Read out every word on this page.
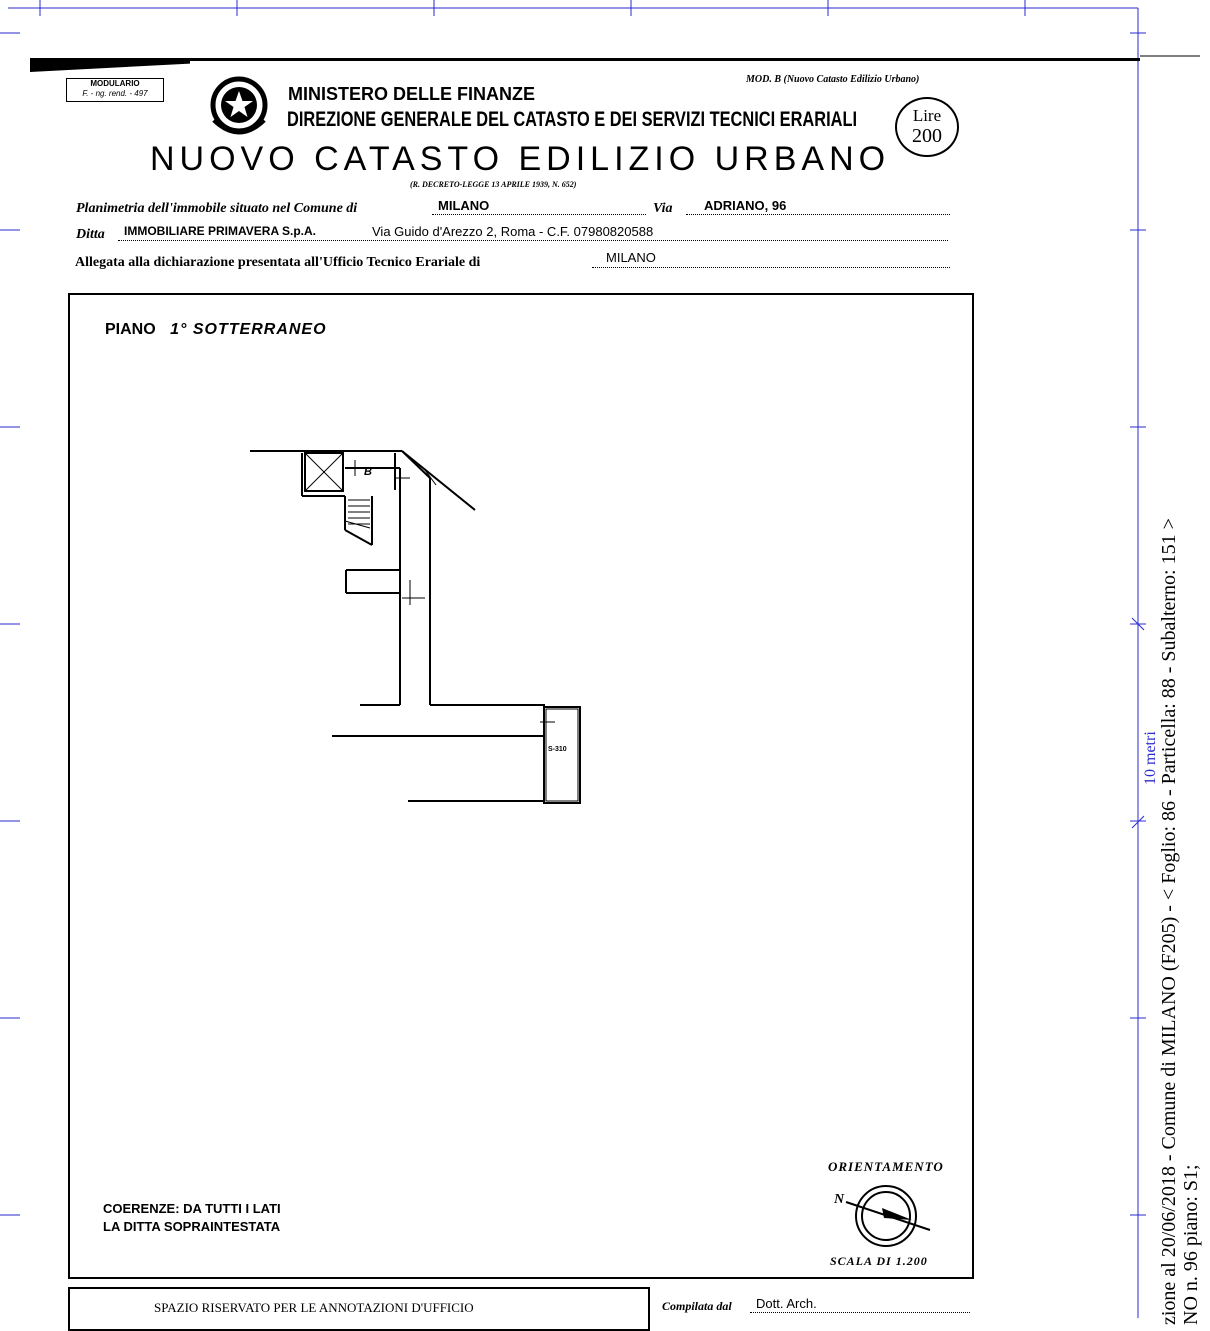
MODULARIO
F. - ng. rend. - 497	MINISTERO DELLE FINANZE
DIREZIONE GENERALE DEL CATASTO E DEI SERVIZI TECNICI ERARIALI
MOD. B (Nuovo Catasto Edilizio Urbano)
Lire
200
NUOVO CATASTO EDILIZIO URBANO
(R. DECRETO-LEGGE 13 APRILE 1939, N. 652)
Planimetria dell'immobile situato nel Comune di	MILANO	Via ADRIANO, 96
Ditta IMMOBILIARE PRIMAVERA S.p.A.	Via Guido d'Arezzo 2, Roma - C.F. 07980820588
Allegata alla dichiarazione presentata all'Ufficio Tecnico Erariale di	MILANO
PIANO 1° SOTTERRANEO
B
S-310
COERENZE: DA TUTTI I LATI
LA DITTA SOPRAINTESTATA
ORIENTAMENTO
N
SCALA DI 1.200
SPAZIO RISERVATO PER LE ANNOTAZIONI D'UFFICIO	Compilata dal Dott. Arch.
10 metri zione al 20/06/2018 - Comune di MILANO (F205) - < Foglio: 86 - Particella: 88 - Subalterno: 151 > NO n. 96 piano: S1;
